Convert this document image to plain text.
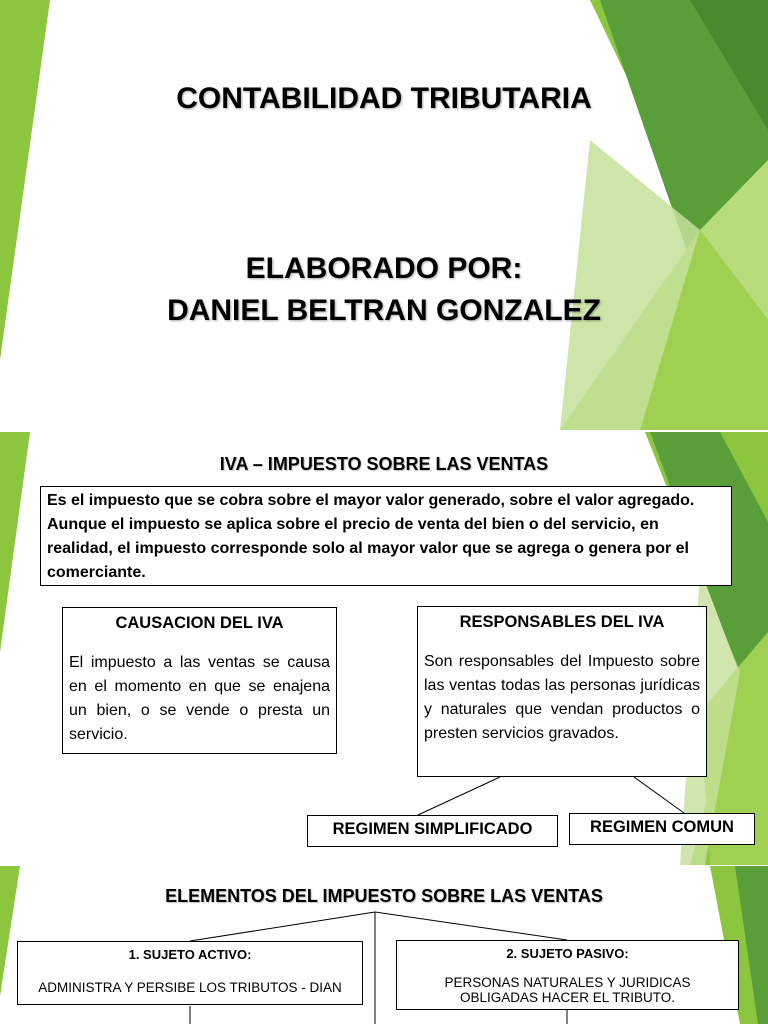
CONTABILIDAD TRIBUTARIA
ELABORADO POR:
DANIEL BELTRAN GONZALEZ
IVA – IMPUESTO SOBRE LAS VENTAS
Es el impuesto que se cobra sobre el mayor valor generado, sobre el valor agregado. Aunque el impuesto se aplica sobre el precio de venta del bien o del servicio, en realidad, el impuesto corresponde solo al mayor valor que se agrega o genera por el comerciante.
CAUSACION DEL IVA
El impuesto a las ventas se causa en el momento en que se enajena un bien, o se vende o presta un servicio.
RESPONSABLES DEL IVA
Son responsables del Impuesto sobre las ventas todas las personas jurídicas y naturales que vendan productos o presten servicios gravados.
REGIMEN SIMPLIFICADO	REGIMEN COMUN
ELEMENTOS DEL IMPUESTO SOBRE LAS VENTAS
1. SUJETO ACTIVO:
ADMINISTRA Y PERSIBE LOS TRIBUTOS - DIAN
2. SUJETO PASIVO:
PERSONAS NATURALES Y JURIDICAS OBLIGADAS HACER EL TRIBUTO.
